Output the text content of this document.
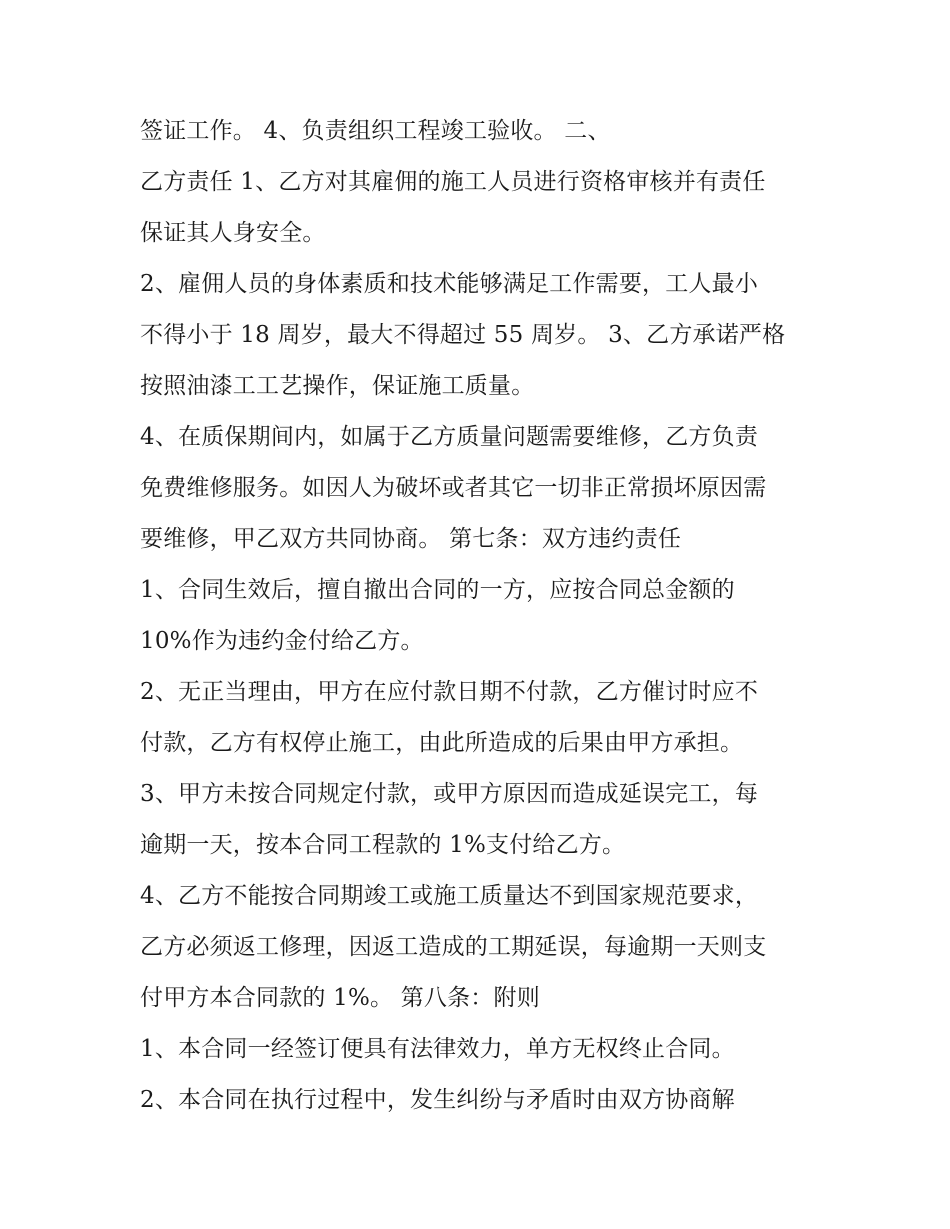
签证工作。 4、负责组织工程竣工验收。 二、
乙方责任 1、乙方对其雇佣的施工人员进行资格审核并有责任
保证其人身安全。
2、雇佣人员的身体素质和技术能够满足工作需要，工人最小
不得小于 18 周岁，最大不得超过 55 周岁。 3、乙方承诺严格
按照油漆工工艺操作，保证施工质量。
4、在质保期间内，如属于乙方质量问题需要维修，乙方负责
免费维修服务。如因人为破坏或者其它一切非正常损坏原因需
要维修，甲乙双方共同协商。 第七条：双方违约责任
1、合同生效后，擅自撤出合同的一方，应按合同总金额的
10%作为违约金付给乙方。
2、无正当理由，甲方在应付款日期不付款，乙方催讨时应不
付款，乙方有权停止施工，由此所造成的后果由甲方承担。
3、甲方未按合同规定付款，或甲方原因而造成延误完工，每
逾期一天，按本合同工程款的 1%支付给乙方。
4、乙方不能按合同期竣工或施工质量达不到国家规范要求，
乙方必须返工修理，因返工造成的工期延误，每逾期一天则支
付甲方本合同款的 1%。 第八条：附则
1、本合同一经签订便具有法律效力，单方无权终止合同。
2、本合同在执行过程中，发生纠纷与矛盾时由双方协商解
